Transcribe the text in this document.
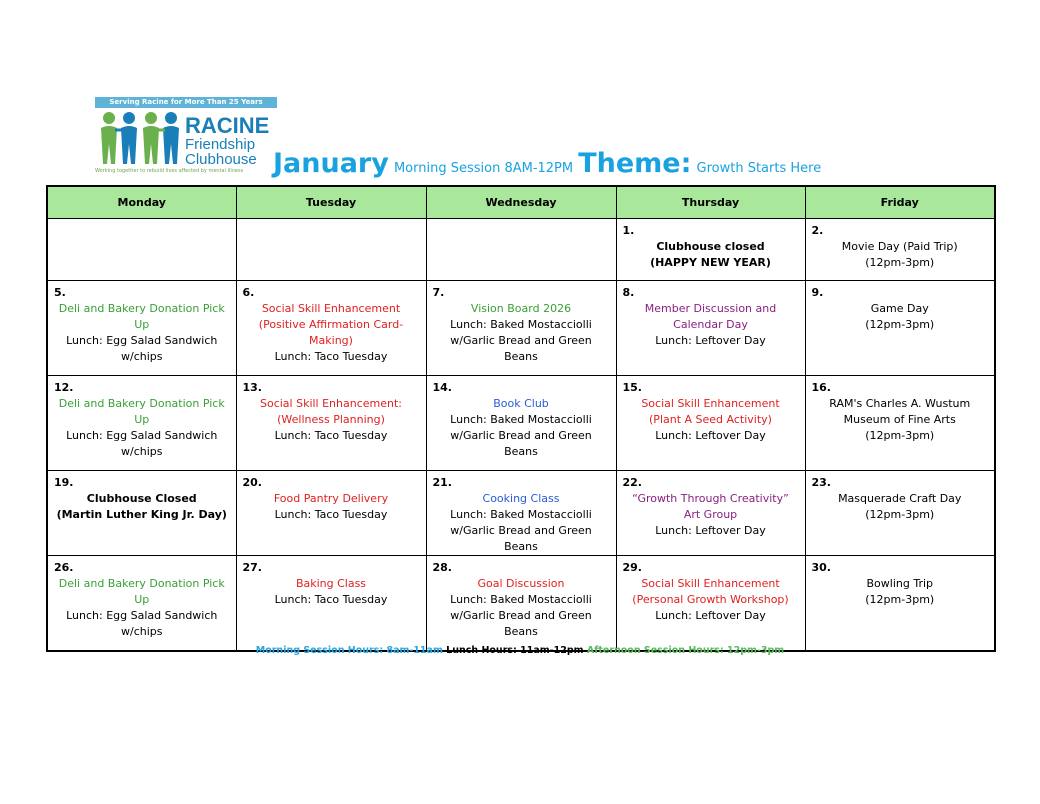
Serving Racine for More Than 25 Years
RACINE
Friendship
Clubhouse
Working together to rebuild lives affected by mental illness	January Morning Session 8AM-12PM Theme: Growth Starts Here
Monday	Tuesday	Wednesday	Thursday	Friday

			1.
Clubhouse closed
(HAPPY NEW YEAR)	2.
Movie Day (Paid Trip)
(12pm-3pm)

5.
Deli and Bakery Donation Pick Up
Lunch: Egg Salad Sandwich w/chips	6.
Social Skill Enhancement
(Positive Affirmation Card-Making)
Lunch: Taco Tuesday	7.
Vision Board 2026
Lunch: Baked Mostacciolli w/Garlic Bread and Green Beans	8.
Member Discussion and Calendar Day
Lunch: Leftover Day	9.
Game Day
(12pm-3pm)

12.
Deli and Bakery Donation Pick Up
Lunch: Egg Salad Sandwich w/chips	13.
Social Skill Enhancement:
(Wellness Planning)
Lunch: Taco Tuesday	14.
Book Club
Lunch: Baked Mostacciolli w/Garlic Bread and Green Beans	15.
Social Skill Enhancement
(Plant A Seed Activity)
Lunch: Leftover Day	16.
RAM's Charles A. Wustum Museum of Fine Arts
(12pm-3pm)

19.
Clubhouse Closed
(Martin Luther King Jr. Day)	20.
Food Pantry Delivery
Lunch: Taco Tuesday	21.
Cooking Class
Lunch: Baked Mostacciolli w/Garlic Bread and Green Beans	22.
“Growth Through Creativity” Art Group
Lunch: Leftover Day	23.
Masquerade Craft Day
(12pm-3pm)

26.
Deli and Bakery Donation Pick Up
Lunch: Egg Salad Sandwich w/chips	27.
Baking Class
Lunch: Taco Tuesday	28.
Goal Discussion
Lunch: Baked Mostacciolli w/Garlic Bread and Green Beans	29.
Social Skill Enhancement
(Personal Growth Workshop)
Lunch: Leftover Day	30.
Bowling Trip
(12pm-3pm)
Morning Session Hours: 8am-11am Lunch Hours: 11am-12pm Afternoon Session Hours: 12pm-3pm
